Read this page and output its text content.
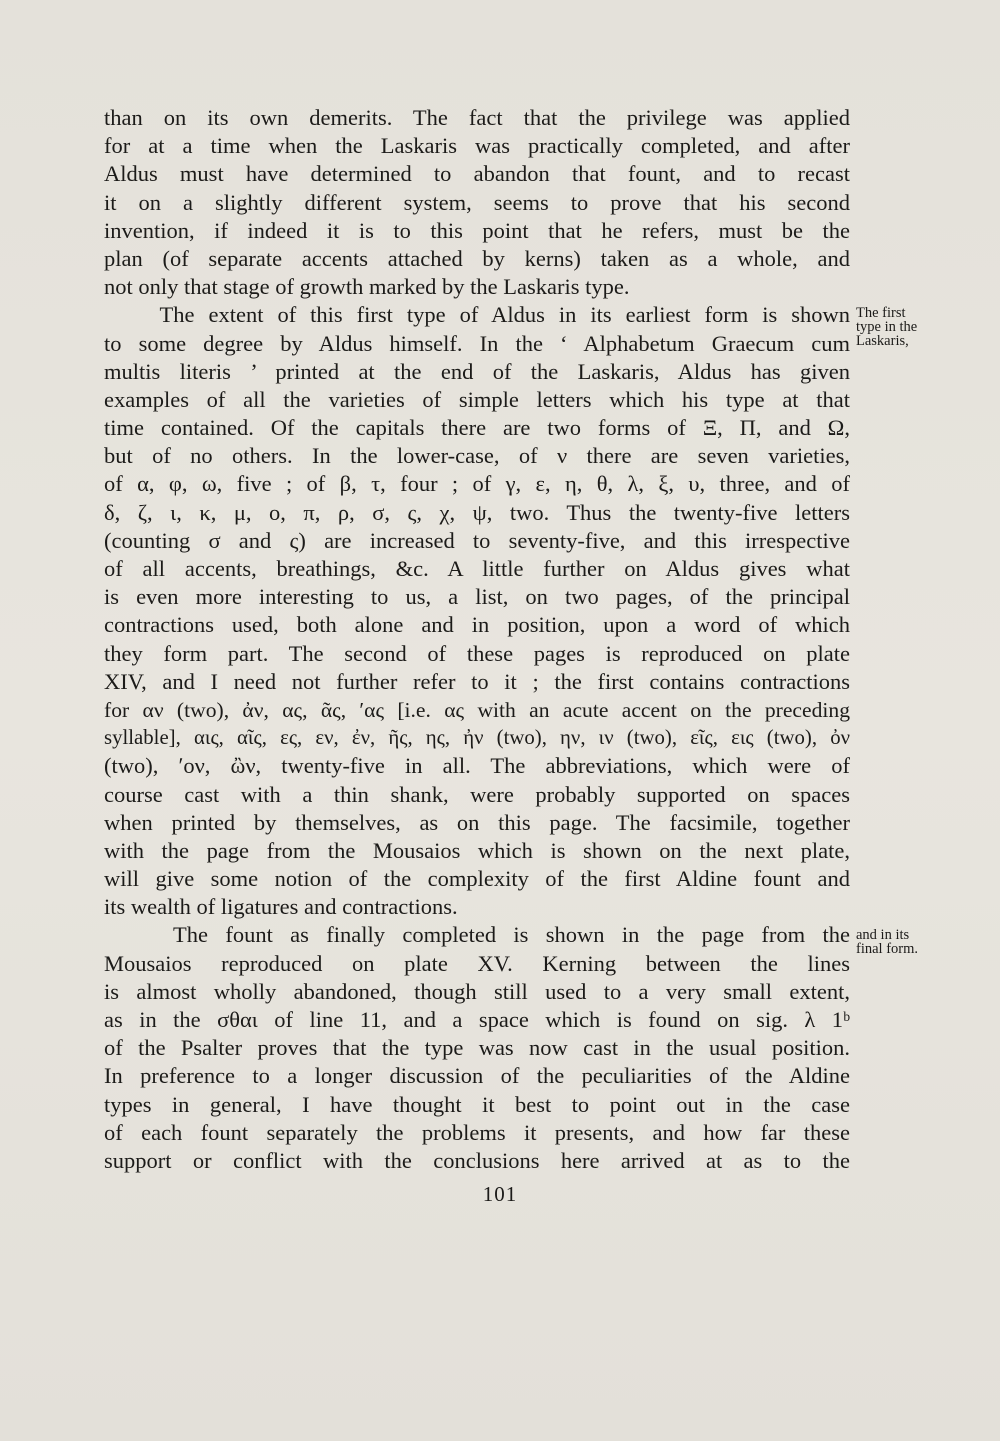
than on its own demerits. The fact that the privilege was applied
for at a time when the Laskaris was practically completed, and after
Aldus must have determined to abandon that fount, and to recast
it on a slightly different system, seems to prove that his second
invention, if indeed it is to this point that he refers, must be the
plan (of separate accents attached by kerns) taken as a whole, and
not only that stage of growth marked by the Laskaris type.
The extent of this first type of Aldus in its earliest form is shown
to some degree by Aldus himself. In the ‘ Alphabetum Graecum cum
multis literis ’ printed at the end of the Laskaris, Aldus has given
examples of all the varieties of simple letters which his type at that
time contained. Of the capitals there are two forms of Ξ, Π, and Ω,
but of no others. In the lower-case, of ν there are seven varieties,
of α, φ, ω, five ; of β, τ, four ; of γ, ε, η, θ, λ, ξ, υ, three, and of
δ, ζ, ι, κ, μ, ο, π, ρ, σ, ς, χ, ψ, two. Thus the twenty-five letters
(counting σ and ς) are increased to seventy-five, and this irrespective
of all accents, breathings, &c. A little further on Aldus gives what
is even more interesting to us, a list, on two pages, of the principal
contractions used, both alone and in position, upon a word of which
they form part. The second of these pages is reproduced on plate
XIV, and I need not further refer to it ; the first contains contractions
for αν (two), ἀν, ας, ᾶς, ʹας [i.e. ας with an acute accent on the preceding
syllable], αις, αῖς, ες, εν, ἐν, ῆς, ης, ἠν (two), ην, ιν (two), εῖς, εις (two), ὀν
(two), ʹον, ὢν, twenty-five in all. The abbreviations, which were of
course cast with a thin shank, were probably supported on spaces
when printed by themselves, as on this page. The facsimile, together
with the page from the Mousaios which is shown on the next plate,
will give some notion of the complexity of the first Aldine fount and
its wealth of ligatures and contractions.
The fount as finally completed is shown in the page from the
Mousaios reproduced on plate XV. Kerning between the lines
is almost wholly abandoned, though still used to a very small extent,
as in the σθαι of line 11, and a space which is found on sig. λ 1ᵇ
of the Psalter proves that the type was now cast in the usual position.
In preference to a longer discussion of the peculiarities of the Aldine
types in general, I have thought it best to point out in the case
of each fount separately the problems it presents, and how far these
support or conflict with the conclusions here arrived at as to the
The first
type in the
Laskaris,
and in its
final form.
101
